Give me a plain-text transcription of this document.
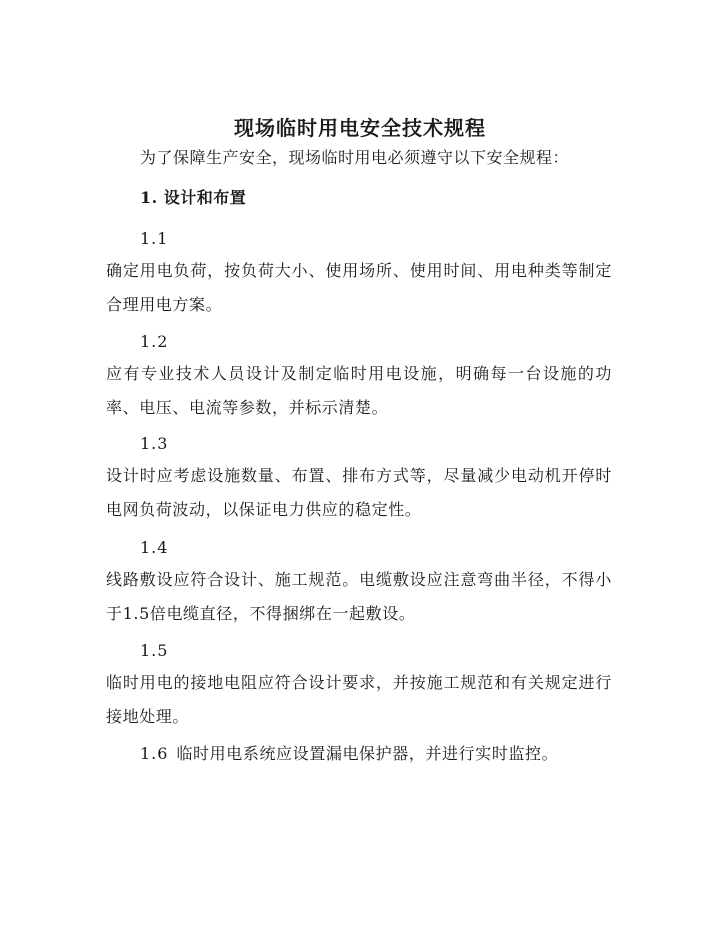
现场临时用电安全技术规程
为了保障生产安全，现场临时用电必须遵守以下安全规程：
1. 设计和布置
1.1
确定用电负荷，按负荷大小、使用场所、使用时间、用电种类等制定合理用电方案。
1.2
应有专业技术人员设计及制定临时用电设施，明确每一台设施的功率、电压、电流等参数，并标示清楚。
1.3
设计时应考虑设施数量、布置、排布方式等，尽量减少电动机开停时电网负荷波动，以保证电力供应的稳定性。
1.4
线路敷设应符合设计、施工规范。电缆敷设应注意弯曲半径，不得小于1.5倍电缆直径，不得捆绑在一起敷设。
1.5
临时用电的接地电阻应符合设计要求，并按施工规范和有关规定进行接地处理。
1.6 临时用电系统应设置漏电保护器，并进行实时监控。
